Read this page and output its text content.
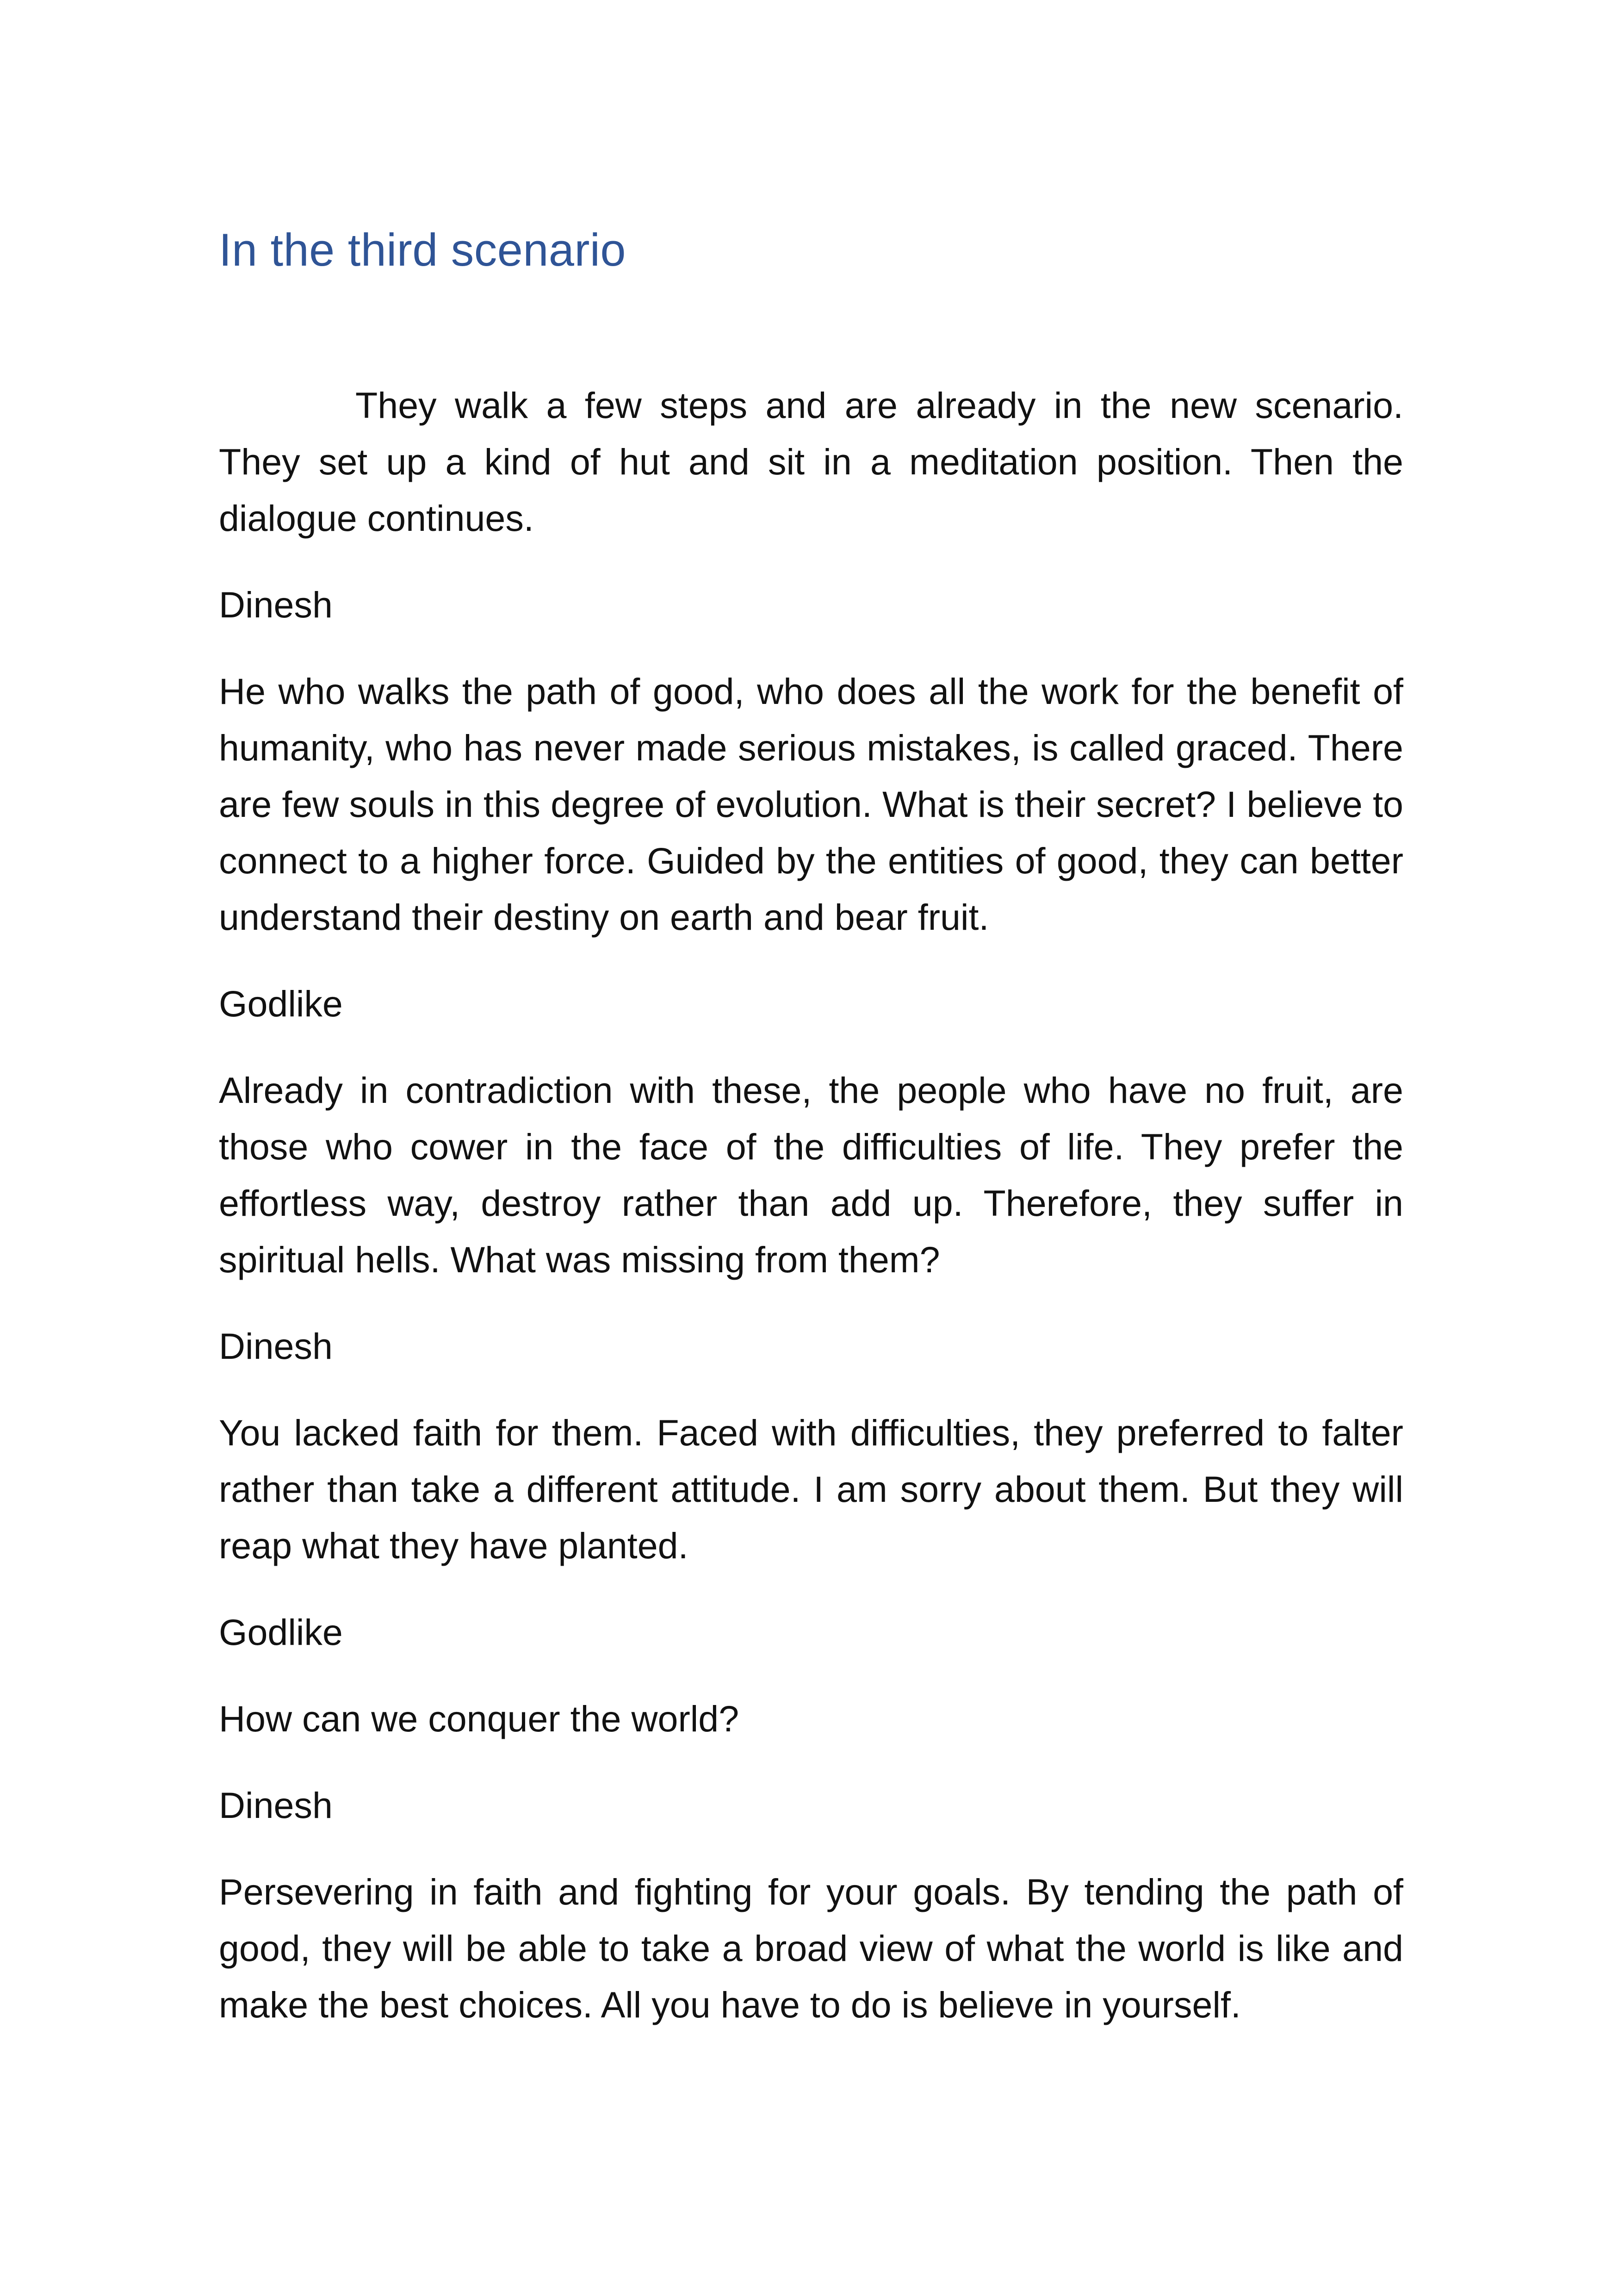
In the third scenario

They walk a few steps and are already in the new scenario. They set up a kind of hut and sit in a meditation position. Then the dialogue continues.

Dinesh

He who walks the path of good, who does all the work for the benefit of humanity, who has never made serious mistakes, is called graced. There are few souls in this degree of evolution. What is their secret? I believe to connect to a higher force. Guided by the entities of good, they can better understand their destiny on earth and bear fruit.

Godlike

Already in contradiction with these, the people who have no fruit, are those who cower in the face of the difficulties of life. They prefer the effortless way, destroy rather than add up. Therefore, they suffer in spiritual hells. What was missing from them?

Dinesh

You lacked faith for them. Faced with difficulties, they preferred to falter rather than take a different attitude. I am sorry about them. But they will reap what they have planted.

Godlike

How can we conquer the world?

Dinesh

Persevering in faith and fighting for your goals. By tending the path of good, they will be able to take a broad view of what the world is like and make the best choices. All you have to do is believe in yourself.
